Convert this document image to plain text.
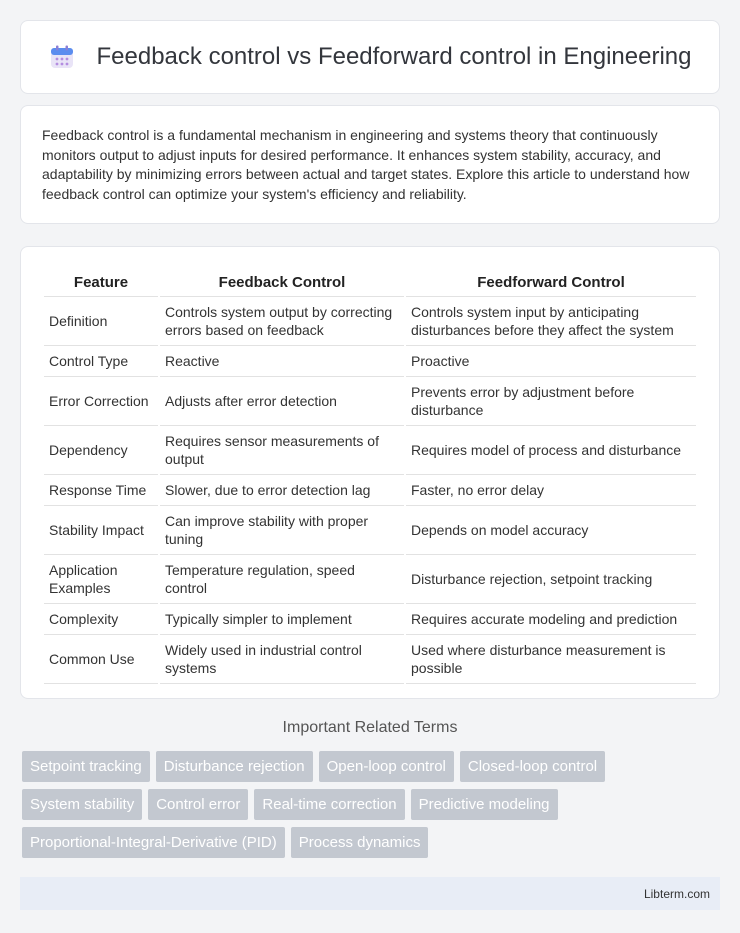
Feedback control vs Feedforward control in Engineering

Feedback control is a fundamental mechanism in engineering and systems theory that continuously monitors output to adjust inputs for desired performance. It enhances system stability, accuracy, and adaptability by minimizing errors between actual and target states. Explore this article to understand how feedback control can optimize your system's efficiency and reliability.

Feature	Feedback Control	Feedforward Control
Definition	Controls system output by correcting errors based on feedback	Controls system input by anticipating disturbances before they affect the system
Control Type	Reactive	Proactive
Error Correction	Adjusts after error detection	Prevents error by adjustment before disturbance
Dependency	Requires sensor measurements of output	Requires model of process and disturbance
Response Time	Slower, due to error detection lag	Faster, no error delay
Stability Impact	Can improve stability with proper tuning	Depends on model accuracy
Application Examples	Temperature regulation, speed control	Disturbance rejection, setpoint tracking
Complexity	Typically simpler to implement	Requires accurate modeling and prediction
Common Use	Widely used in industrial control systems	Used where disturbance measurement is possible
Important Related Terms
Setpoint tracking	Disturbance rejection	Open-loop control	Closed-loop control
System stability	Control error	Real-time correction	Predictive modeling
Proportional-Integral-Derivative (PID)	Process dynamics
Libterm.com
